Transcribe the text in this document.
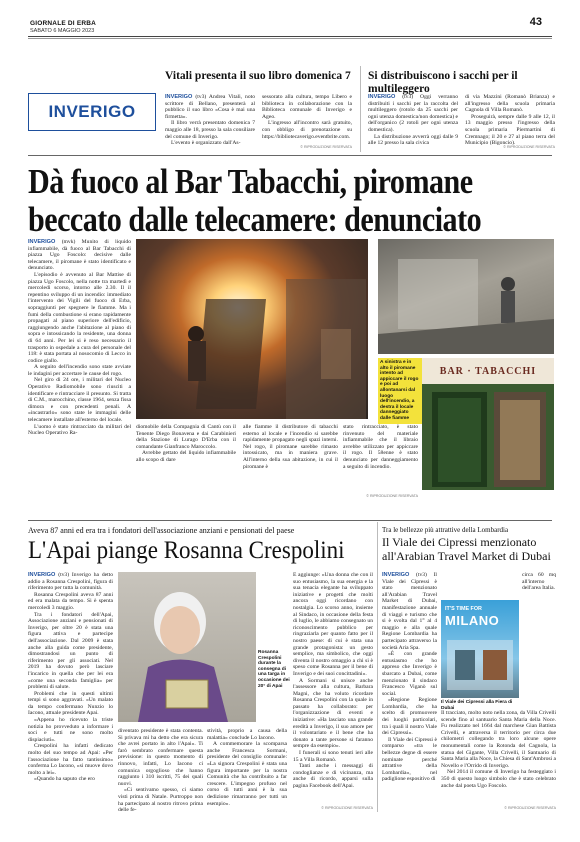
GIORNALE DI ERBA
SABATO 6 MAGGIO 2023
43
INVERIGO
Vitali presenta il suo libro domenica 7

INVERIGO (tv3) Andrea Vitali, noto scrittore di Bellano, presenterà al pubblico il suo libro «Cosa è mai una firmetta».

Il libro verrà presentato domenica 7 maggio alle 18, presso la sala consiliare del comune di Inverigo.

L'evento è organizzato dall'As-

sessorato alla cultura, tempo Libero e biblioteca in collaborazione con la Biblioteca comunale di Inverigo e Ageo.

L'ingresso all'incontro sarà gratuito, con obbligo di prenotazione su https://bibliotecaverigo.eventbrite.com.

© RIPRODUZIONE RISERVATA
Si distribuiscono i sacchi per il multileggero

INVERIGO (tv3) Oggi verranno distribuiti i sacchi per la raccolta del multileggero (rotolo da 25 sacchi per ogni utenza domestica/non domestica) e dell'organico (2 rotoli per ogni utenza domestica).

La distribuzione avverrà oggi dalle 9 alle 12 presso la sala civica

di via Mazzini (Romanò Brianza) e all'ingresso della scuola primaria Cagnola di Villa Romanò.

Proseguirà, sempre dalle 9 alle 12, il 13 maggio presso l'ingresso della scuola primaria Piermartini di Cremnago; il 20 e 27 al piano terra del Municipio (Bigoncio).

© RIPRODUZIONE RISERVATA
Dà fuoco al Bar Tabacchi, piromane
beccato dalle telecamere: denunciato

INVERIGO (mvk) Munito di liquido infiammabile, dà fuoco al Bar Tabacchi di piazza Ugo Foscolo: decisive dalle telecamere, il piromane è stato identificato e denunciato.

L'episodio è avvenuto al Bar Mattise di piazza Ugo Foscolo, nella notte tra martedì e mercoledì scorso, intorno alle 2.30. Il il repentino sviluppo di un incendio: immediato l'intervento dei Vigili del fuoco di Erba, sopraggiunti per spegnere le fiamme. Ma i fumi della combustione si erano rapidamente propagati al piano superiore dell'edificio, raggiungendo anche l'abitazione al piano di sopra e intossicando la residente, una donna di 64 anni. Per lei si è reso necessario il trasporto in ospedale a cura del personale del 118: è stata portata al nosocomio di Lecco in codice giallo.

A seguito dell'incendio sono state avviate le indagini per accertare le cause del rogo.

Nel giro di 24 ore, i militari del Nucleo Operativo Radiomobile sono riusciti a identificare e rintracciare il presunto. Si tratta di C.M., marocchino, classe 1964, senza fissa dimora e con precedenti penali. A «incastrarlo» sono state le immagini delle telecamere installate all'esterno del locale.

L'uomo è stato rintracciato da militari del Nucleo Operativo Ra-

A sinistra e in alto il piromane intento ad appiccare il rogo e poi ad allontanarsi dal luogo dell'incendio, a destra il locale danneggiato dalle fiamme
BAR · TABACCHI

diomobile della Compagnia di Cantù con il Tenente Diego Bonavena e dai Carabinieri della Stazione di Lurago D'Erba con il comandante Gianfranco Maroccolo.

Avrebbe gettato del liquido infiammabile allo scopo di dare

alle fiamme il distributore di tabacchi esterno al locale e l'incendio si sarebbe rapidamente propagato negli spazi interni. Nel rogo, il piromane sarebbe rimasto intossicato, ma in maniera grave. All'interno della sua abitazione, in cui il piromane è

stato rintracciato, è stato rinvenuto del materiale infiammabile che il libraio avrebbe utilizzato per appiccare il rogo. Il 58enne è stato denunciato per danneggiamento a seguito di incendio.

© RIPRODUZIONE RISERVATA
Aveva 87 anni ed era tra i fondatori dell'associazione anziani e pensionati del paese
L'Apai piange Rosanna Crespolini

INVERIGO (tv3) Inverigo ha detto addio a Rosanna Crespolini, figura di riferimento per tutta la comunità.

Rosanna Crespolini aveva 87 anni ed era malata da tempo. Si è spenta mercoledì 3 maggio.

Tra i fondatori dell'Apai, Associazione anziani e pensionati di Inverigo, per oltre 20 è stata una figura attiva e partecipe dell'associazione. Dal 2009 è stata anche alla guida come presidente, dimostrandosi un punto di riferimento per gli associati. Nel 2019 ha dovuto però lasciare l'incarico in quella che per lei era «come una seconda famiglia» per problemi di salute.

Problemi che in questi ultimi tempi si sono aggravati. «Un malato da tempo confermano Nunzio lo Iacono, attuale presidente Apai.

«Appena ho ricevuto la triste notizia ho provveduto a informare i soci e tutti ne sono molto dispiaciuti».

Crespolini ha infatti dedicato molto del suo tempo ad Apai: «Per l'associazione ha fatto tantissimo» conferma Lo Iacono, «si muove dovo molto a lei».

«Quando ha saputo che ero

Rosanna Crespolini durante la consegna di una targa in occasione dei 20° di Apai

diventato presidente è stata contenta. Si privava mi ha detto che era sicura che avrei portato in alto l'Apai». Ti farò sembrato confermare questa previsione: in questo momento di rinnovo, infatti, Lo Iacono ci comunica orgoglioso che hanno raggiunto i 310 iscritti, 75 dei quali nuovi.

«Ci sentivamo spesso, ci siamo visti prima di Natale. Purtroppo non ha partecipato al nostro ritrovo prima delle fe-

stività, proprio a causa della malattia» conclude Lo Iacono.

A commemorare la scomparsa anche Francesca Sormani, presidente del consiglio comunale: «La signora Crespolini è stata una figura importante per la nostra Comunità che ha contribuito a far crescere. L'impegno profuso nel corso di tutti anni è la sua dedizione rimarranno per tutti un esempio».

E aggiunge: «Una donna che con il suo entusiasmo, la sua energia e la sua tenacia elegante ha sviluppato iniziative e progetti che molti ancora oggi ricordano con nostalgia. Lo scorso anno, insieme al Sindaco, in occasione della festa di luglio, le abbiamo consegnato un riconoscimento pubblico per ringraziarla per quanto fatto per il nostro paese: di cui è stata una grande protagonista: un gesto semplice, ma simbolico, che oggi diventa il nostro omaggio a chi si è speso come Rosanna per il bene di Inverigo e dei suoi concittadini».

A Sormani si unisce anche l'assessore alla cultura, Barbara Magni, che ha voluto ricordare Rosanna Crespolini con la quale in passato ha collaborato: per l'organizzazione di eventi e iniziative: «Ha lasciato una grande eredità a Inverigo, il suo amore per il volontariato e il bene che ha donato a tante persone si faranno sempre da esempio».

I funerali si sono tenuti ieri alle 15 a Villa Romanò.

Tanti anche i messaggi di condoglianze e di vicinanza, ma anche di ricordo, apparsi sulla pagina Facebook dell'Apai.

© RIPRODUZIONE RISERVATA
Tra le bellezze più attrattive della Lombardia
Il Viale dei Cipressi menzionato all'Arabian Travel Market di Dubai

INVERIGO (tv3) Il Viale dei Cipressi è stato menzionato all'Arabian Travel Market di Dubai, manifestazione annuale di viaggi e turismo che si è svolta dal 1° al 4 maggio e alla quale Regione Lombardia ha partecipato attraverso la società Aria Spa.

«È con grande entusiasmo che ho appreso che Inverigo è sbarcato a Dubai, come menzionato il sindaco Francesco Viganò sul social.

«Regione Regione Lombardia, che ha scelto di promuovere dei luoghi particolari, tra i quali il nostro Viale dei Cipressi».

Il Viale dei Cipressi è comparso «tra le bellezze degne di essere nominate perché attrattive della Lombardia», nel padiglione espositivo di

IT'S TIME FOR
MILANO
Il Viale dei Cipressi alla Fiera di Dubai

circa 60 mq all'interno dell'area Italia.

Il tracciato, molto noto nella zona, da Villa Crivelli scende fino al santuario Santa Maria della Noce. Fu realizzato nel 1664 dal marchese Gian Battista Crivelli, e attraversa il territorio per circa due chilometri collegando tra loro alcune opere monumentali come la Rotonda del Cagnola, la statua del Gigante, Villa Crivelli, il Santuario di Santa Maria alla Noce, la Chiesa di Sant'Ambrosi a Novello e l'Orrido di Inverigo.

Nel 2014 il comune di Inverigo ha festeggiato i 350 di questo luogo simbolo che è stato celebrato anche dal poeta Ugo Foscolo.

© RIPRODUZIONE RISERVATA
